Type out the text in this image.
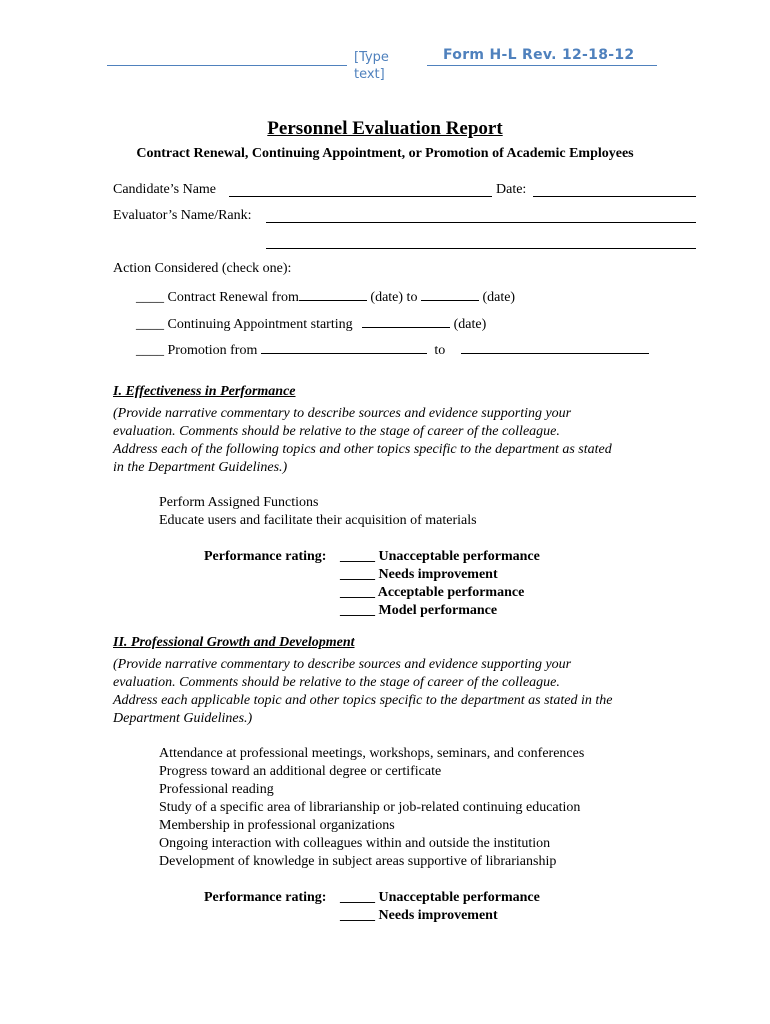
[Type text]
Form H-L Rev. 12-18-12
Personnel Evaluation Report
Contract Renewal, Continuing Appointment, or Promotion of Academic Employees
Candidate’s Name	Date:
Evaluator’s Name/Rank:
Action Considered (check one):
____ Contract Renewal from	(date) to	(date)
____ Continuing Appointment starting	(date)
____ Promotion from	to
I. Effectiveness in Performance
(Provide narrative commentary to describe sources and evidence supporting your
evaluation. Comments should be relative to the stage of career of the colleague.
Address each of the following topics and other topics specific to the department as stated
in the Department Guidelines.)
Perform Assigned Functions
Educate users and facilitate their acquisition of materials
Performance rating: _____ Unacceptable performance
_____ Needs improvement
_____ Acceptable performance
_____ Model performance
II. Professional Growth and Development
(Provide narrative commentary to describe sources and evidence supporting your
evaluation. Comments should be relative to the stage of career of the colleague.
Address each applicable topic and other topics specific to the department as stated in the
Department Guidelines.)
Attendance at professional meetings, workshops, seminars, and conferences
Progress toward an additional degree or certificate
Professional reading
Study of a specific area of librarianship or job-related continuing education
Membership in professional organizations
Ongoing interaction with colleagues within and outside the institution
Development of knowledge in subject areas supportive of librarianship
Performance rating: _____ Unacceptable performance
_____ Needs improvement
